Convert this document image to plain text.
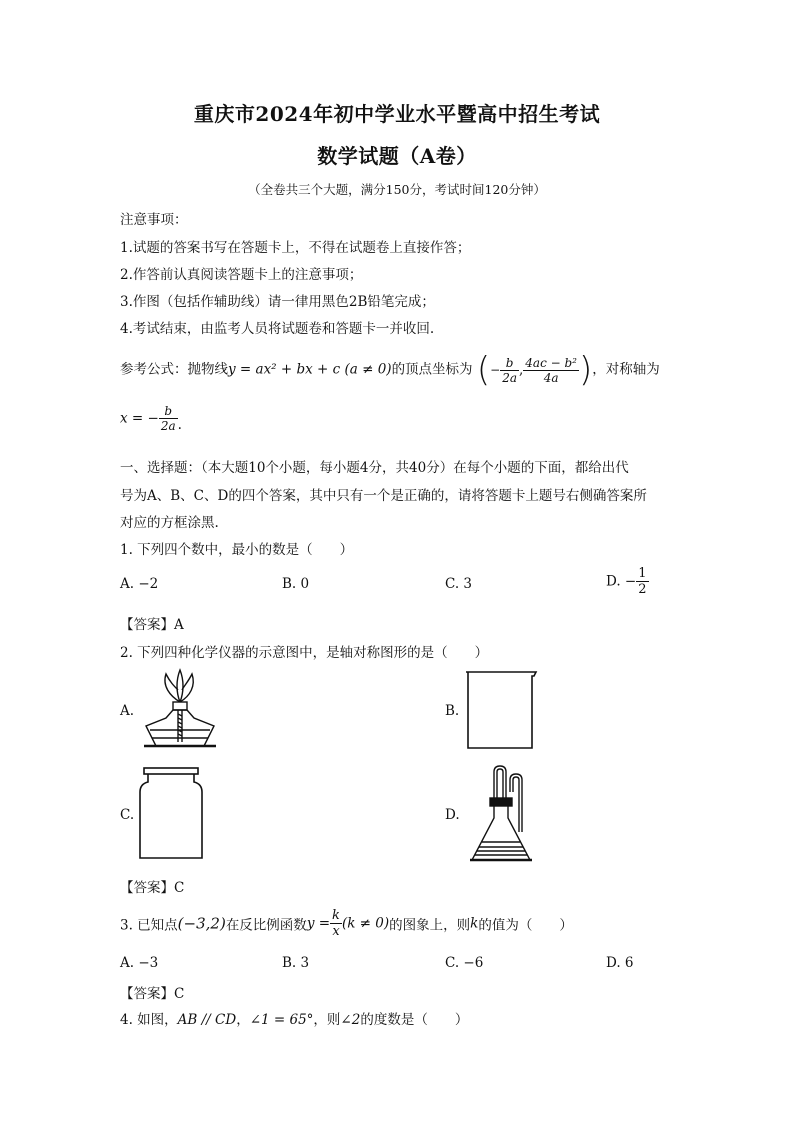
重庆市2024年初中学业水平暨高中招生考试
数学试题（A卷）
（全卷共三个大题，满分150分，考试时间120分钟）
注意事项：
1.试题的答案书写在答题卡上，不得在试题卷上直接作答；
2.作答前认真阅读答题卡上的注意事项；
3.作图（包括作辅助线）请一律用黑色2B铅笔完成；
4.考试结束，由监考人员将试题卷和答题卡一并收回.
参考公式：抛物线y = ax² + bx + c (a ≠ 0)的顶点坐标为 (− $\frac{b}{2a}$ , $\frac{\text{4ac − b²}}{4a}$ )，对称轴为
x = − $\frac{b}{2a}$ .
一、选择题：（本大题10个小题，每小题4分，共40分）在每个小题的下面，都给出代
号为A、B、C、D的四个答案，其中只有一个是正确的，请将答题卡上题号右侧确答案所
对应的方框涂黑.
1. 下列四个数中，最小的数是（　　）
A. −2	B. 0	C. 3	D. − $\frac{1}{2}$
【答案】A
2. 下列四种化学仪器的示意图中，是轴对称图形的是（　　）
A.	B.
C.	D.
【答案】C
3. 已知点(−3,2)在反比例函数$y = \frac{k}{x} (k \ne 0)$的图象上，则k的值为（　　）
A. −3	B. 3	C. −6	D. 6
【答案】C
4. 如图，AB // CD，∠1 = 65°，则∠2的度数是（　　）
